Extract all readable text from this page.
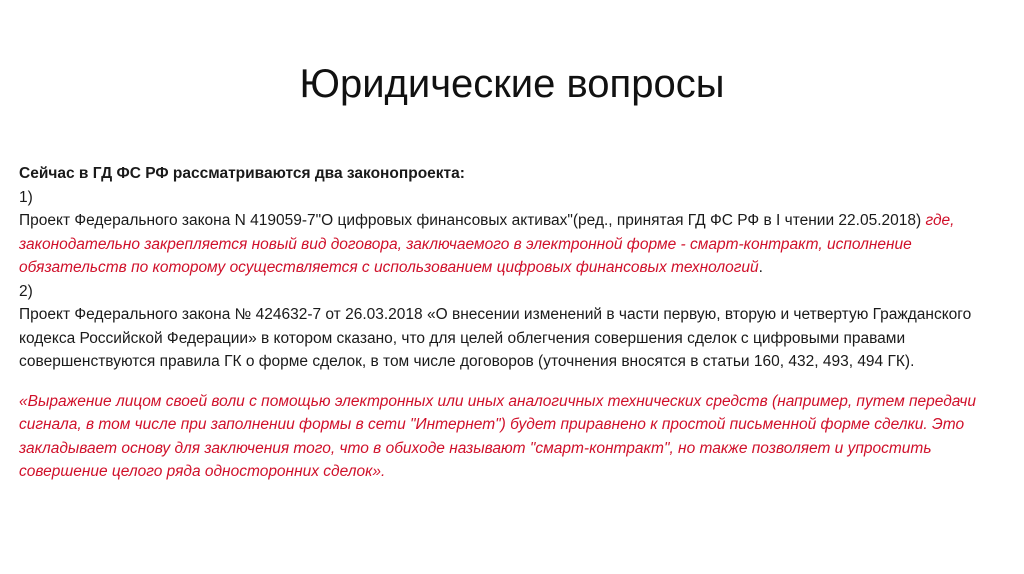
Юридические вопросы

Сейчас в ГД ФС РФ рассматриваются два законопроекта:

1)

Проект Федерального закона N 419059-7"О цифровых финансовых активах"(ред., принятая ГД ФС РФ в I чтении 22.05.2018) где, законодательно закрепляется новый вид договора, заключаемого в электронной форме - смарт-контракт, исполнение обязательств по которому осуществляется с использованием цифровых финансовых технологий.

2)

Проект Федерального закона № 424632-7 от 26.03.2018 «О внесении изменений в части первую, вторую и четвертую Гражданского кодекса Российской Федерации» в котором сказано, что для целей облегчения совершения сделок с цифровыми правами совершенствуются правила ГК о форме сделок, в том числе договоров (уточнения вносятся в статьи 160, 432, 493, 494 ГК).

«Выражение лицом своей воли с помощью электронных или иных аналогичных технических средств (например, путем передачи сигнала, в том числе при заполнении формы в сети "Интернет") будет приравнено к простой письменной форме сделки. Это закладывает основу для заключения того, что в обиходе называют "смарт-контракт", но также позволяет и упростить совершение целого ряда односторонних сделок».
